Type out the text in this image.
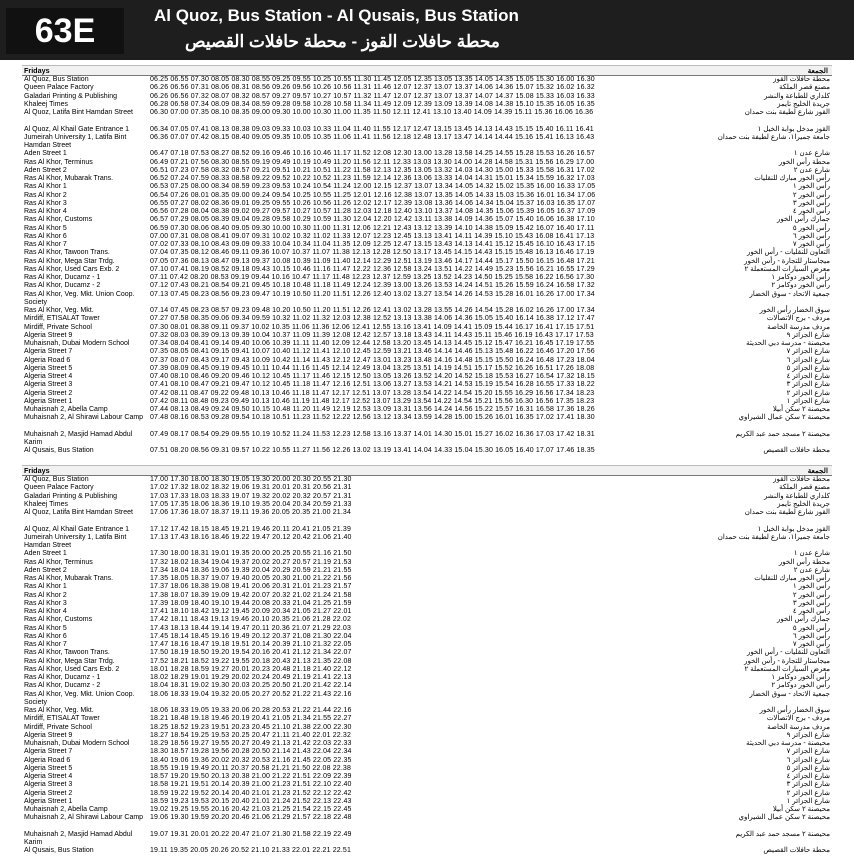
63E	Al Quoz, Bus Station - Al Qusais, Bus Station
محطة حافلات القوز - محطة حافلات القصيص
Fridays	الجمعة
Al Quoz, Bus Station	06.25 06.55 07.30 08.05 08.30 08.55 09.25 09.55 10.25 10.55 11.30 11.45 12.05 12.35 13.05 13.35 14.05 14.35 15.05 15.30 16.00 16.30	محطة حافلات القوز
Queen Palace Factory	06.26 06.56 07.31 08.06 08.31 08.56 09.26 09.56 10.26 10.56 11.31 11.46 12.07 12.37 13.07 13.37 14.06 14.36 15.07 15.32 16.02 16.32	مصنع قصر الملكة
Galadari Printing & Publishing	06.26 06.56 07.32 08.07 08.32 08.57 09.27 09.57 10.27 10.57 11.32 11.47 12.07 12.37 13.07 13.37 14.07 14.37 15.08 15.33 16.03 16.33	كلداري للطباعة والنشر
Khaleej Times	06.28 06.58 07.34 08.09 08.34 08.59 09.28 09.58 10.28 10.58 11.34 11.49 12.09 12.39 13.09 13.39 14.08 14.38 15.10 15.35 16.05 16.35	جريدة الخليج تايمز
Al Quoz, Latifa Bint Hamdan Street	06.30 07.00 07.35 08.10 08.35 09.00 09.30 10.00 10.30 11.00 11.35 11.50 12.11 12.41 13.10 13.40 14.09 14.39 15.11 15.36 16.06 16.36	القوز شارع لطيفة بنت حمدان
Al Quoz, Al Khail Gate Entrance 1	06.34 07.05 07.41 08.13 08.38 09.03 09.33 10.03 10.33 11.04 11.40 11.55 12.17 12.47 13.15 13.45 14.13 14.43 15.15 15.40 16.11 16.41	القوز مدخل بوابة الخيل ١
Jumeirah University 1, Latifa Bint Hamdan Street
06.36 07.07 07.42 08.15 08.40 09.05 09.35 10.05 10.35 11.06 11.41 11.56 12.18 12.48 13.17 13.47 14.14 14.44 15.16 15.41 16.13 16.43	جامعة جميرا١، شارع لطيفة بنت حمدان
Aden Street 1	06.47 07.18 07.53 08.27 08.52 09.16 09.46 10.16 10.46 11.17 11.52 12.08 12.30 13.00 13.28 13.58 14.25 14.55 15.28 15.53 16.26 16.57	شارع عدن ١
Ras Al Khor, Terminus	06.49 07.21 07.56 08.30 08.55 09.19 09.49 10.19 10.49 11.20 11.56 12.11 12.33 13.03 13.30 14.00 14.28 14.58 15.31 15.56 16.29 17.00	محطة رأس الخور
Aden Street 2	06.51 07.23 07.58 08.32 08.57 09.21 09.51 10.21 10.51 11.22 11.58 12.13 12.35 13.05 13.32 14.03 14.30 15.00 15.33 15.58 16.31 17.02	شارع عدن ٢
Ras Al Khor, Mubarak Trans.	06.52 07.24 07.59 08.33 08.58 09.22 09.52 10.22 10.52 11.23 11.59 12.14 12.36 13.06 13.33 14.04 14.31 15.01 15.34 15.59 16.32 17.03	رأس الخور مبارك للنقليات
Ras Al Khor 1	06.53 07.25 08.00 08.34 08.59 09.23 09.53 10.24 10.54 11.24 12.00 12.15 12.37 13.07 13.34 14.05 14.32 15.02 15.35 16.00 16.33 17.05	رأس الخور ١
Ras Al Khor 2	06.54 07.26 08.01 08.35 09.00 09.24 09.54 10.25 10.55 11.25 12.01 12.16 12.38 13.07 13.35 14.05 14.33 15.03 15.36 16.01 16.34 17.06	رأس الخور ٢
Ras Al Khor 3	06.55 07.27 08.02 08.36 09.01 09.25 09.55 10.26 10.56 11.26 12.02 12.17 12.39 13.08 13.36 14.06 14.34 15.04 15.37 16.03 16.35 17.07	رأس الخور ٣
Ras Al Khor 4	06.56 07.28 08.04 08.38 09.02 09.27 09.57 10.27 10.57 11.28 12.03 12.18 12.40 13.10 13.37 14.08 14.35 15.06 15.39 16.05 16.37 17.09	رأس الخور ٤
Ras Al Khor, Customs	06.57 07.29 08.05 08.39 09.04 09.28 09.58 10.29 10.59 11.30 12.04 12.20 12.42 13.11 13.38 14.09 14.36 15.07 15.40 16.06 16.38 17.10	جمارك رأس الخور
Ras Al Khor 5	06.59 07.30 08.06 08.40 09.05 09.30 10.00 10.30 11.00 11.31 12.06 12.21 12.43 13.12 13.39 14.10 14.38 15.09 15.42 16.07 16.40 17.11	رأس الخور ٥
Ras Al Khor 6	07.00 07.31 08.08 08.41 09.07 09.31 10.02 10.32 11.02 11.33 12.07 12.23 12.45 13.13 13.41 14.11 14.39 15.10 15.43 16.08 16.41 17.13	رأس الخور ٦
Ras Al Khor 7	07.02 07.33 08.10 08.43 09.09 09.33 10.04 10.34 11.04 11.35 12.09 12.25 12.47 13.15 13.43 14.13 14.41 15.12 15.45 16.10 16.43 17.15	رأس الخور ٧
Ras Al Khor, Tawoon Trans.	07.04 07.35 08.12 08.46 09.11 09.36 10.07 10.37 11.07 11.38 12.13 12.28 12.50 13.17 13.45 14.15 14.43 15.15 15.48 16.13 16.46 17.19	التعاون للنقليات - رأس الخور
Ras Al Khor, Mega Star Trdg.	07.05 07.36 08.13 08.47 09.13 09.37 10.08 10.39 11.09 11.40 12.14 12.29 12.51 13.19 13.46 14.17 14.44 15.17 15.50 16.15 16.48 17.21	ميجاستار للتجارة - رأس الخور
Ras Al Khor, Used Cars Exb. 2	07.10 07.41 08.19 08.52 09.18 09.43 10.15 10.46 11.16 11.47 12.22 12.36 12.58 13.24 13.51 14.22 14.49 15.23 15.56 16.21 16.55 17.29	معرض السيارات المستعملة ٢
Ras Al Khor, Ducamz - 1	07.11 07.42 08.20 08.53 09.19 09.44 10.16 10.47 11.17 11.48 12.23 12.37 12.59 13.25 13.52 14.23 14.50 15.25 15.58 16.22 16.56 17.30	رأس الخور دوكامز ١
Ras Al Khor, Ducamz - 2	07.12 07.43 08.21 08.54 09.21 09.45 10.18 10.48 11.18 11.49 12.24 12.39 13.00 13.26 13.53 14.24 14.51 15.26 15.59 16.24 16.58 17.32	رأس الخور دوكامز ٢
Ras Al Khor, Veg. Mkt. Union Coop. Society
07.13 07.45 08.23 08.56 09.23 09.47 10.19 10.50 11.20 11.51 12.26 12.40 13.02 13.27 13.54 14.26 14.53 15.28 16.01 16.26 17.00 17.34	جمعية الاتحاد - سوق الخضار
Ras Al Khor, Veg. Mkt.	07.14 07.45 08.23 08.57 09.23 09.48 10.20 10.50 11.20 11.51 12.26 12.41 13.02 13.28 13.55 14.26 14.54 15.28 16.02 16.26 17.00 17.34	سوق الخضار رأس الخور
Mirdiff, ETISALAT Tower	07.27 07.58 08.35 09.06 09.34 09.59 10.32 11.02 11.32 12.03 12.38 12.52 13.13 13.38 14.06 14.36 15.05 15.40 16.14 16.38 17.12 17.47	مردف - برج الاتصالات
Mirdiff, Private School	07.30 08.01 08.38 09.11 09.37 10.02 10.35 11.06 11.36 12.06 12.41 12.55 13.16 13.41 14.09 14.41 15.09 15.44 16.17 16.41 17.15 17.51	مردف مدرسة الخاصة
Algeria Street 9	07.32 08.03 08.39 09.13 09.39 10.04 10.37 11.09 11.39 12.08 12.42 12.57 13.18 13.43 14.11 14.43 15.11 15.46 16.19 16.43 17.17 17.53	شارع الجزائر ٩
Muhaisnah, Dubai Modern School	07.34 08.04 08.41 09.14 09.40 10.06 10.39 11.11 11.40 12.09 12.44 12.58 13.20 13.45 14.13 14.45 15.12 15.47 16.21 16.45 17.19 17.55	محيصنة - مدرسة دبي الحديثة
Algeria Street 7	07.35 08.05 08.41 09.15 09.41 10.07 10.40 11.12 11.41 12.10 12.45 12.59 13.21 13.46 14.14 14.46 15.13 15.48 16.22 16.46 17.20 17.56	شارع الجزائر ٧
Algeria Road 6	07.37 08.07 08.43 09.17 09.43 10.09 10.42 11.14 11.43 12.12 12.47 13.01 13.23 13.48 14.16 14.48 15.15 15.50 16.24 16.48 17.23 18.04	شارع الجزائر ٦
Algeria Street 5	07.39 08.09 08.45 09.19 09.45 10.11 10.44 11.16 11.45 12.14 12.49 13.04 13.25 13.51 14.19 14.51 15.17 15.52 16.26 16.51 17.26 18.08	شارع الجزائر ٥
Algeria Street 4	07.40 08.10 08.46 09.20 09.46 10.12 10.45 11.17 11.46 12.15 12.50 13.05 13.26 13.52 14.20 14.52 15.18 15.53 16.27 16.54 17.32 18.15	شارع الجزائر ٤
Algeria Street 3	07.41 08.10 08.47 09.21 09.47 10.12 10.45 11.18 11.47 12.16 12.51 13.06 13.27 13.53 14.21 14.53 15.19 15.54 16.28 16.55 17.33 18.22	شارع الجزائر ٣
Algeria Street 2	07.42 08.11 08.47 09.22 09.48 10.13 10.46 11.18 11.47 12.17 12.51 13.07 13.28 13.54 14.22 14.54 15.20 15.55 16.29 16.56 17.34 18.23	شارع الجزائر ٢
Algeria Street 1	07.42 08.11 08.48 09.23 09.49 10.13 10.46 11.19 11.48 12.17 12.52 13.07 13.29 13.54 14.22 14.54 15.21 15.56 16.30 16.56 17.35 18.23	شارع الجزائر ١
Muhaisnah 2, Abella Camp	07.44 08.13 08.49 09.24 09.50 10.15 10.48 11.20 11.49 12.19 12.53 13.09 13.31 13.56 14.24 14.56 15.22 15.57 16.31 16.58 17.36 18.26	محيصنة ٢ سكن أبيلا
Muhaisnah 2, Al Shirawi Labour Camp 07.48 08.16 08.53 09.28 09.54 10.18 10.51 11.23 11.52 12.22 12.56 13.12 13.34 13.59 14.28 15.00 15.26 16.01 16.35 17.02 17.41 18.30	محيصنة ٢ سكن عمال الشيراوي
Muhaisnah 2, Masjid Hamad Abdul Karim
07.49 08.17 08.54 09.29 09.55 10.19 10.52 11.24 11.53 12.23 12.58 13.16 13.37 14.01 14.30 15.01 15.27 16.02 16.36 17.03 17.42 18.31	محيصنة ٢ مسجد حمد عبد الكريم
Al Qusais, Bus Station	07.51 08.20 08.56 09.31 09.57 10.22 10.55 11.27 11.56 12.26 13.02 13.19 13.41 14.04 14.33 15.04 15.30 16.05 16.40 17.07 17.46 18.35	محطة حافلات القصيص
Fridays	الجمعة
Al Quoz, Bus Station	17.00 17.30 18.00 18.30 19.05 19.30 20.00 20.30 20.55 21.30	محطة حافلات القوز
Queen Palace Factory	17.02 17.32 18.02 18.32 19.06 19.31 20.01 20.31 20.56 21.31	مصنع قصر الملكة
Galadari Printing & Publishing	17.03 17.33 18.03 18.33 19.07 19.32 20.02 20.32 20.57 21.31	كلداري للطباعة والنشر
Khaleej Times	17.05 17.35 18.06 18.36 19.10 19.35 20.04 20.34 20.59 21.33	جريدة الخليج تايمز
Al Quoz, Latifa Bint Hamdan Street	17.06 17.36 18.07 18.37 19.11 19.36 20.05 20.35 21.00 21.34	القوز شارع لطيفة بنت حمدان
Al Quoz, Al Khail Gate Entrance 1	17.12 17.42 18.15 18.45 19.21 19.46 20.11 20.41 21.05 21.39	القوز مدخل بوابة الخيل ١
Jumeirah University 1, Latifa Bint Hamdan Street
17.13 17.43 18.16 18.46 19.22 19.47 20.12 20.42 21.06 21.40	جامعة جميرا١، شارع لطيفة بنت حمدان
Aden Street 1	17.30 18.00 18.31 19.01 19.35 20.00 20.25 20.55 21.16 21.50	شارع عدن ١
Ras Al Khor, Terminus	17.32 18.02 18.34 19.04 19.37 20.02 20.27 20.57 21.19 21.53	محطة رأس الخور
Aden Street 2	17.34 18.04 18.36 19.06 19.39 20.04 20.29 20.59 21.21 21.55	شارع عدن ٢
Ras Al Khor, Mubarak Trans.	17.35 18.05 18.37 19.07 19.40 20.05 20.30 21.00 21.22 21.56	رأس الخور مبارك للنقليات
Ras Al Khor 1	17.37 18.06 18.38 19.08 19.41 20.06 20.31 21.01 21.23 21.57	رأس الخور ١
Ras Al Khor 2	17.38 18.07 18.39 19.09 19.42 20.07 20.32 21.02 21.24 21.58	رأس الخور ٢
Ras Al Khor 3	17.39 18.09 18.40 19.10 19.44 20.08 20.33 21.04 21.25 21.59	رأس الخور ٣
Ras Al Khor 4	17.41 18.10 18.42 19.12 19.45 20.09 20.34 21.05 21.27 22.01	رأس الخور ٤
Ras Al Khor, Customs	17.42 18.11 18.43 19.13 19.46 20.10 20.35 21.06 21.28 22.02	جمارك رأس الخور
Ras Al Khor 5	17.43 18.13 18.44 19.14 19.47 20.11 20.36 21.07 21.29 22.03	رأس الخور ٥
Ras Al Khor 6	17.45 18.14 18.45 19.16 19.49 20.12 20.37 21.08 21.30 22.04	رأس الخور ٦
Ras Al Khor 7	17.47 18.16 18.47 19.18 19.51 20.14 20.39 21.10 21.32 22.05	رأس الخور ٧
Ras Al Khor, Tawoon Trans.	17.50 18.19 18.50 19.20 19.54 20.16 20.41 21.12 21.34 22.07	التعاون للنقليات - رأس الخور
Ras Al Khor, Mega Star Trdg.	17.52 18.21 18.52 19.22 19.55 20.18 20.43 21.13 21.35 22.08	ميجاستار للتجارة - رأس الخور
Ras Al Khor, Used Cars Exb. 2	18.01 18.28 18.59 19.27 20.01 20.23 20.48 21.18 21.40 22.12	معرض السيارات المستعملة ٢
Ras Al Khor, Ducamz - 1	18.02 18.29 19.01 19.29 20.02 20.24 20.49 21.19 21.41 22.13	رأس الخور دوكامز ١
Ras Al Khor, Ducamz - 2	18.04 18.31 19.02 19.30 20.03 20.25 20.50 21.20 21.42 22.14	رأس الخور دوكامز ٢
Ras Al Khor, Veg. Mkt. Union Coop. Society
18.06 18.33 19.04 19.32 20.05 20.27 20.52 21.22 21.43 22.16	جمعية الاتحاد - سوق الخضار
Ras Al Khor, Veg. Mkt.	18.06 18.33 19.05 19.33 20.06 20.28 20.53 21.22 21.44 22.16	سوق الخضار رأس الخور
Mirdiff, ETISALAT Tower	18.21 18.48 19.18 19.46 20.19 20.41 21.05 21.34 21.55 22.27	مردف - برج الاتصالات
Mirdiff, Private School	18.25 18.52 19.23 19.51 20.23 20.45 21.10 21.38 22.00 22.30	مردف مدرسة الخاصة
Algeria Street 9	18.27 18.54 19.25 19.53 20.25 20.47 21.11 21.40 22.01 22.32	شارع الجزائر ٩
Muhaisnah, Dubai Modern School	18.29 18.56 19.27 19.55 20.27 20.49 21.13 21.42 22.03 22.33	محيصنة - مدرسة دبي الحديثة
Algeria Street 7	18.30 18.57 19.28 19.56 20.28 20.50 21.14 21.43 22.04 22.34	شارع الجزائر ٧
Algeria Road 6	18.40 19.06 19.36 20.02 20.32 20.53 21.16 21.45 22.05 22.35	شارع الجزائر ٦
Algeria Street 5	18.55 19.19 19.49 20.11 20.37 20.58 21.21 21.50 22.08 22.38	شارع الجزائر ٥
Algeria Street 4	18.57 19.20 19.50 20.13 20.38 21.00 21.22 21.51 22.09 22.39	شارع الجزائر ٤
Algeria Street 3	18.58 19.21 19.51 20.14 20.39 21.00 21.23 21.51 22.10 22.40	شارع الجزائر ٣
Algeria Street 2	18.59 19.22 19.52 20.14 20.40 21.01 21.23 21.52 22.12 22.42	شارع الجزائر ٢
Algeria Street 1	18.59 19.23 19.53 20.15 20.40 21.01 21.24 21.52 22.13 22.43	شارع الجزائر ١
Muhaisnah 2, Abella Camp	19.02 19.25 19.55 20.16 20.42 21.03 21.25 21.54 22.15 22.45	محيصنة ٢ سكن أبيلا
Muhaisnah 2, Al Shirawi Labour Camp 19.06 19.30 19.59 20.20 20.46 21.06 21.29 21.57 22.18 22.48	محيصنة ٢ سكن عمال الشيراوي
Muhaisnah 2, Masjid Hamad Abdul Karim
19.07 19.31 20.01 20.22 20.47 21.07 21.30 21.58 22.19 22.49	محيصنة ٢ مسجد حمد عبد الكريم
Al Qusais, Bus Station	19.11 19.35 20.05 20.26 20.52 21.10 21.33 22.01 22.21 22.51	محطة حافلات القصيص
